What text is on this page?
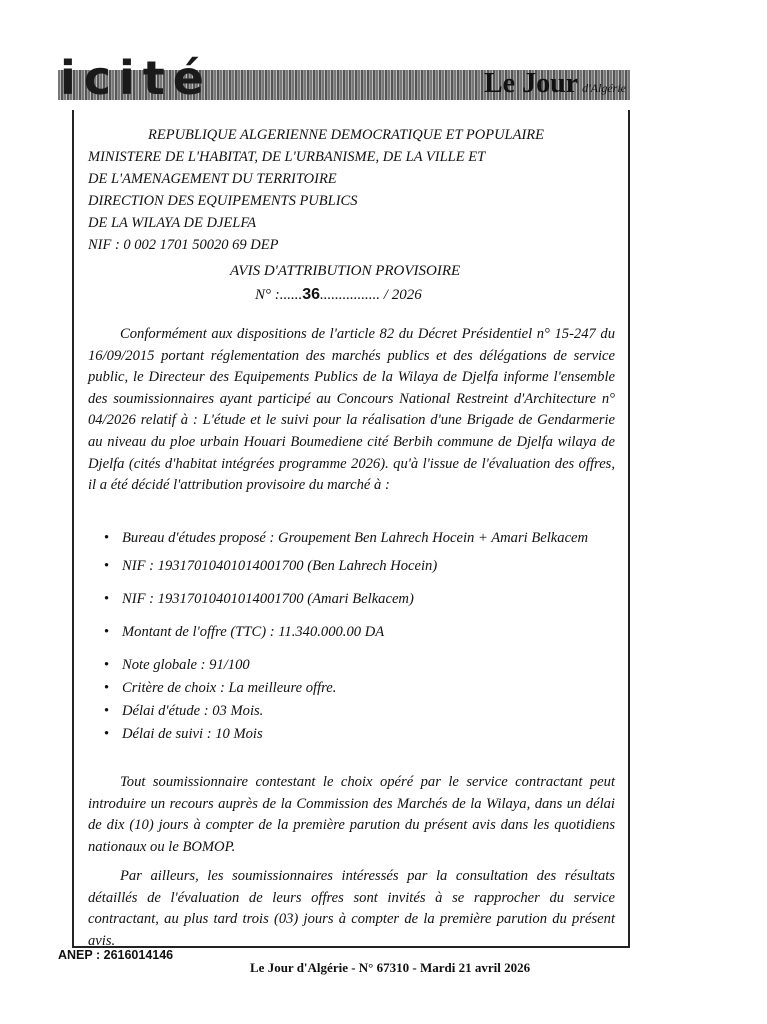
icité	Le Jour d'Algérie
REPUBLIQUE ALGERIENNE DEMOCRATIQUE ET POPULAIRE
MINISTERE DE L'HABITAT, DE L'URBANISME, DE LA VILLE ET
DE L'AMENAGEMENT DU TERRITOIRE
DIRECTION DES EQUIPEMENTS PUBLICS
DE LA WILAYA DE DJELFA
NIF : 0 002 1701 50020 69 DEP
AVIS D'ATTRIBUTION PROVISOIRE
N° :......36................ / 2026
Conformément aux dispositions de l'article 82 du Décret Présidentiel n° 15-247 du 16/09/2015 portant réglementation des marchés publics et des délégations de service public, le Directeur des Equipements Publics de la Wilaya de Djelfa informe l'ensemble des soumissionnaires ayant participé au Concours National Restreint d'Architecture n° 04/2026 relatif à : L'étude et le suivi pour la réalisation d'une Brigade de Gendarmerie au niveau du ploe urbain Houari Boumediene cité Berbih commune de Djelfa wilaya de Djelfa (cités d'habitat intégrées programme 2026). qu'à l'issue de l'évaluation des offres, il a été décidé l'attribution provisoire du marché à :
• Bureau d'études proposé : Groupement Ben Lahrech Hocein + Amari Belkacem
• NIF : 19317010401014001700 (Ben Lahrech Hocein)
• NIF : 19317010401014001700 (Amari Belkacem)
• Montant de l'offre (TTC) : 11.340.000.00 DA
• Note globale : 91/100
• Critère de choix : La meilleure offre.
• Délai d'étude : 03 Mois.
• Délai de suivi : 10 Mois
Tout soumissionnaire contestant le choix opéré par le service contractant peut introduire un recours auprès de la Commission des Marchés de la Wilaya, dans un délai de dix (10) jours à compter de la première parution du présent avis dans les quotidiens nationaux ou le BOMOP.
Par ailleurs, les soumissionnaires intéressés par la consultation des résultats détaillés de l'évaluation de leurs offres sont invités à se rapprocher du service contractant, au plus tard trois (03) jours à compter de la première parution du présent avis.
ANEP : 2616014146
Le Jour d'Algérie - N° 67310 - Mardi 21 avril 2026
